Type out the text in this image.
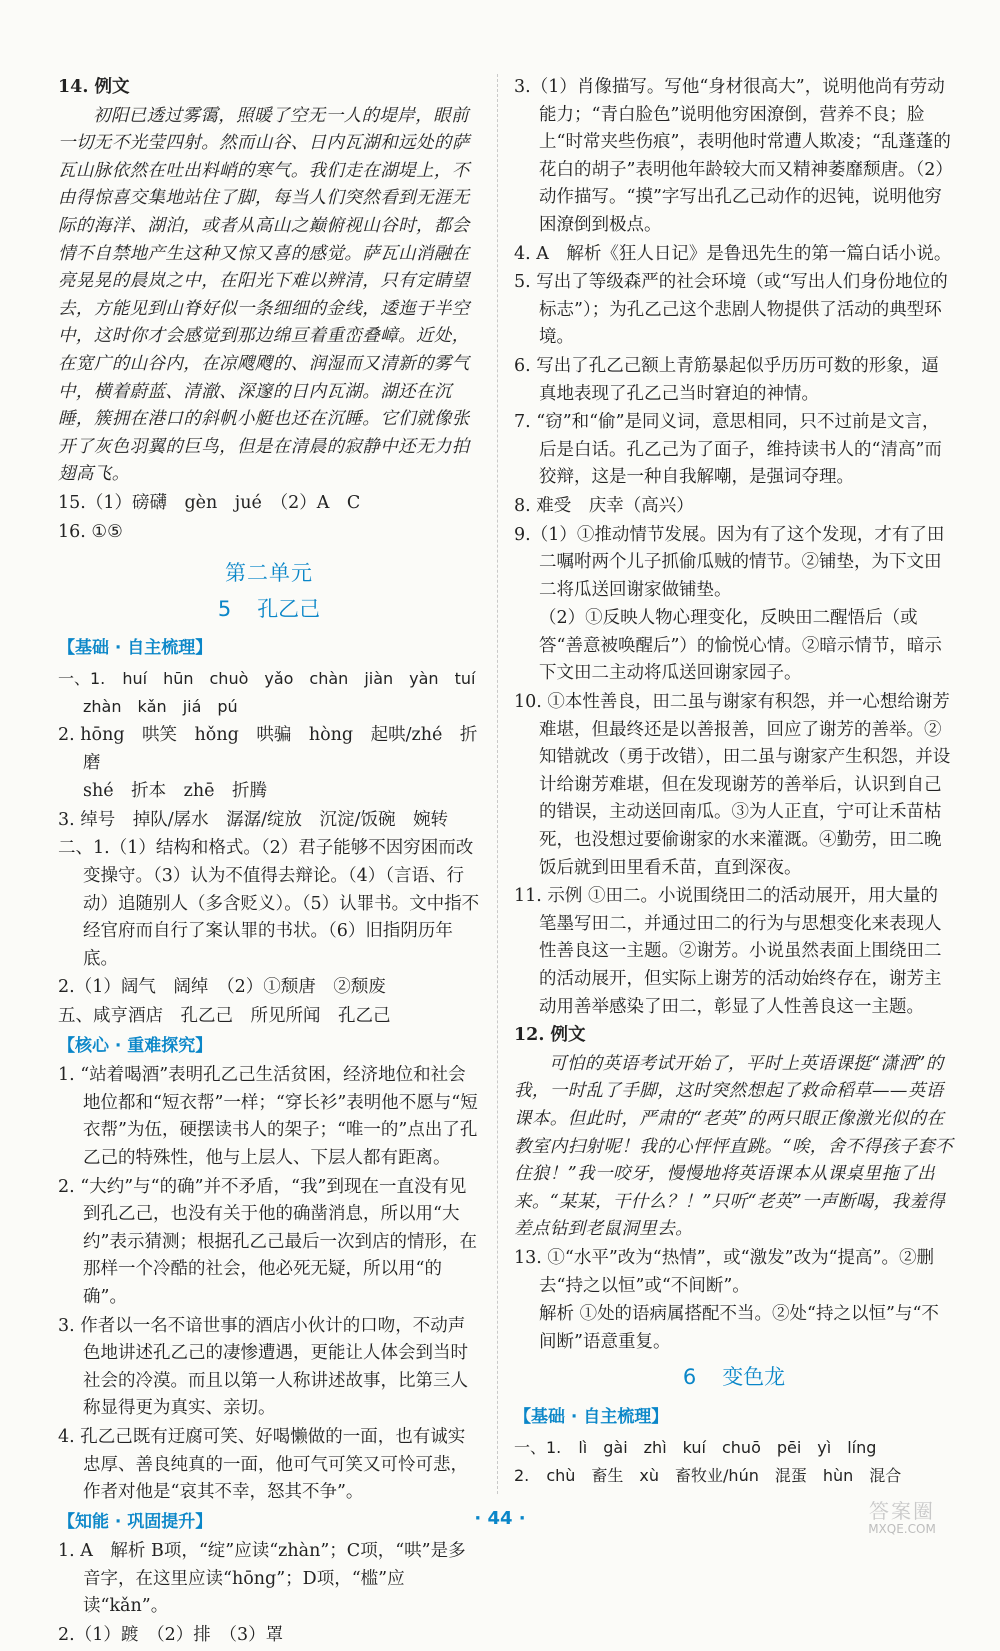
14. 例文

初阳已透过雾霭，照暖了空无一人的堤岸，眼前一切无不光莹四射。然而山谷、日内瓦湖和远处的萨瓦山脉依然在吐出料峭的寒气。我们走在湖堤上，不由得惊喜交集地站住了脚，每当人们突然看到无涯无际的海洋、湖泊，或者从高山之巅俯视山谷时，都会情不自禁地产生这种又惊又喜的感觉。萨瓦山消融在亮晃晃的晨岚之中，在阳光下难以辨清，只有定睛望去，方能见到山脊好似一条细细的金线，逶迤于半空中，这时你才会感觉到那边绵亘着重峦叠嶂。近处，在宽广的山谷内，在凉飕飕的、润湿而又清新的雾气中，横着蔚蓝、清澈、深邃的日内瓦湖。湖还在沉睡，簇拥在港口的斜帆小艇也还在沉睡。它们就像张开了灰色羽翼的巨鸟，但是在清晨的寂静中还无力拍翅高飞。

15.（1）磅礴　gèn　jué　（2）A　C

16. ①⑤

第二单元
5 孔乙己
【基础 · 自主梳理】

一、1. huí　hūn　chuò　yǎo　chàn　jiàn　yàn　tuí

zhàn　kǎn　jiá　pú

2. hōng　哄笑　hǒng　哄骗　hòng　起哄/zhé　折磨

shé　折本　zhē　折腾

3. 绰号　掉队/孱水　潺潺/绽放　沉淀/饭碗　婉转

二、1.（1）结构和格式。（2）君子能够不因穷困而改变操守。（3）认为不值得去辩论。（4）（言语、行动）追随别人（多含贬义）。（5）认罪书。文中指不经官府而自行了案认罪的书状。（6）旧指阴历年底。

2.（1）阔气　阔绰　（2）①颓唐　②颓废

五、咸亨酒店　孔乙己　所见所闻　孔乙己

【核心 · 重难探究】

1. “站着喝酒”表明孔乙己生活贫困，经济地位和社会地位都和“短衣帮”一样；“穿长衫”表明他不愿与“短衣帮”为伍，硬摆读书人的架子；“唯一的”点出了孔乙己的特殊性，他与上层人、下层人都有距离。

2. “大约”与“的确”并不矛盾，“我”到现在一直没有见到孔乙己，也没有关于他的确凿消息，所以用“大约”表示猜测；根据孔乙己最后一次到店的情形，在那样一个冷酷的社会，他必死无疑，所以用“的确”。

3. 作者以一名不谙世事的酒店小伙计的口吻，不动声色地讲述孔乙己的凄惨遭遇，更能让人体会到当时社会的冷漠。而且以第一人称讲述故事，比第三人称显得更为真实、亲切。

4. 孔乙己既有迂腐可笑、好喝懒做的一面，也有诚实忠厚、善良纯真的一面，他可气可笑又可怜可悲，作者对他是“哀其不幸，怒其不争”。

【知能 · 巩固提升】

1. A　解析 B项，“绽”应读“zhàn”；C项，“哄”是多音字，在这里应读“hōng”；D项，“槛”应读“kǎn”。

2.（1）踱　（2）排　（3）罩

3.（1）肖像描写。写他“身材很高大”，说明他尚有劳动能力；“青白脸色”说明他穷困潦倒，营养不良；脸上“时常夹些伤痕”，表明他时常遭人欺凌；“乱蓬蓬的花白的胡子”表明他年龄较大而又精神萎靡颓唐。（2）动作描写。“摸”字写出孔乙己动作的迟钝，说明他穷困潦倒到极点。

4. A　解析《狂人日记》是鲁迅先生的第一篇白话小说。

5. 写出了等级森严的社会环境（或“写出人们身份地位的标志”）；为孔乙己这个悲剧人物提供了活动的典型环境。

6. 写出了孔乙己额上青筋暴起似乎历历可数的形象，逼真地表现了孔乙己当时窘迫的神情。

7. “窃”和“偷”是同义词，意思相同，只不过前是文言，后是白话。孔乙己为了面子，维持读书人的“清高”而狡辩，这是一种自我解嘲，是强词夺理。

8. 难受　庆幸（高兴）

9.（1）①推动情节发展。因为有了这个发现，才有了田二嘱咐两个儿子抓偷瓜贼的情节。②铺垫，为下文田二将瓜送回谢家做铺垫。

（2）①反映人物心理变化，反映田二醒悟后（或答“善意被唤醒后”）的愉悦心情。②暗示情节，暗示下文田二主动将瓜送回谢家园子。

10. ①本性善良，田二虽与谢家有积怨，并一心想给谢芳难堪，但最终还是以善报善，回应了谢芳的善举。②知错就改（勇于改错），田二虽与谢家产生积怨，并设计给谢芳难堪，但在发现谢芳的善举后，认识到自己的错误，主动送回南瓜。③为人正直，宁可让禾苗枯死，也没想过要偷谢家的水来灌溉。④勤劳，田二晚饭后就到田里看禾苗，直到深夜。

11. 示例 ①田二。小说围绕田二的活动展开，用大量的笔墨写田二，并通过田二的行为与思想变化来表现人性善良这一主题。②谢芳。小说虽然表面上围绕田二的活动展开，但实际上谢芳的活动始终存在，谢芳主动用善举感染了田二，彰显了人性善良这一主题。

12. 例文

可怕的英语考试开始了，平时上英语课挺“潇洒”的我，一时乱了手脚，这时突然想起了救命稻草——英语课本。但此时，严肃的“老英”的两只眼正像激光似的在教室内扫射呢！我的心怦怦直跳。“唉，舍不得孩子套不住狼！”我一咬牙，慢慢地将英语课本从课桌里拖了出来。“某某，干什么？！”只听“老英”一声断喝，我羞得差点钻到老鼠洞里去。

13. ①“水平”改为“热情”，或“激发”改为“提高”。②删去“持之以恒”或“不间断”。

解析 ①处的语病属搭配不当。②处“持之以恒”与“不间断”语意重复。

6 变色龙
【基础 · 自主梳理】

一、1. lì　gài　zhì　kuí　chuō　pēi　yì　líng

2. chù　畜生　xù　畜牧业/hún　混蛋　hùn　混合

· 44 ·	答案圈
MXQE.COM
